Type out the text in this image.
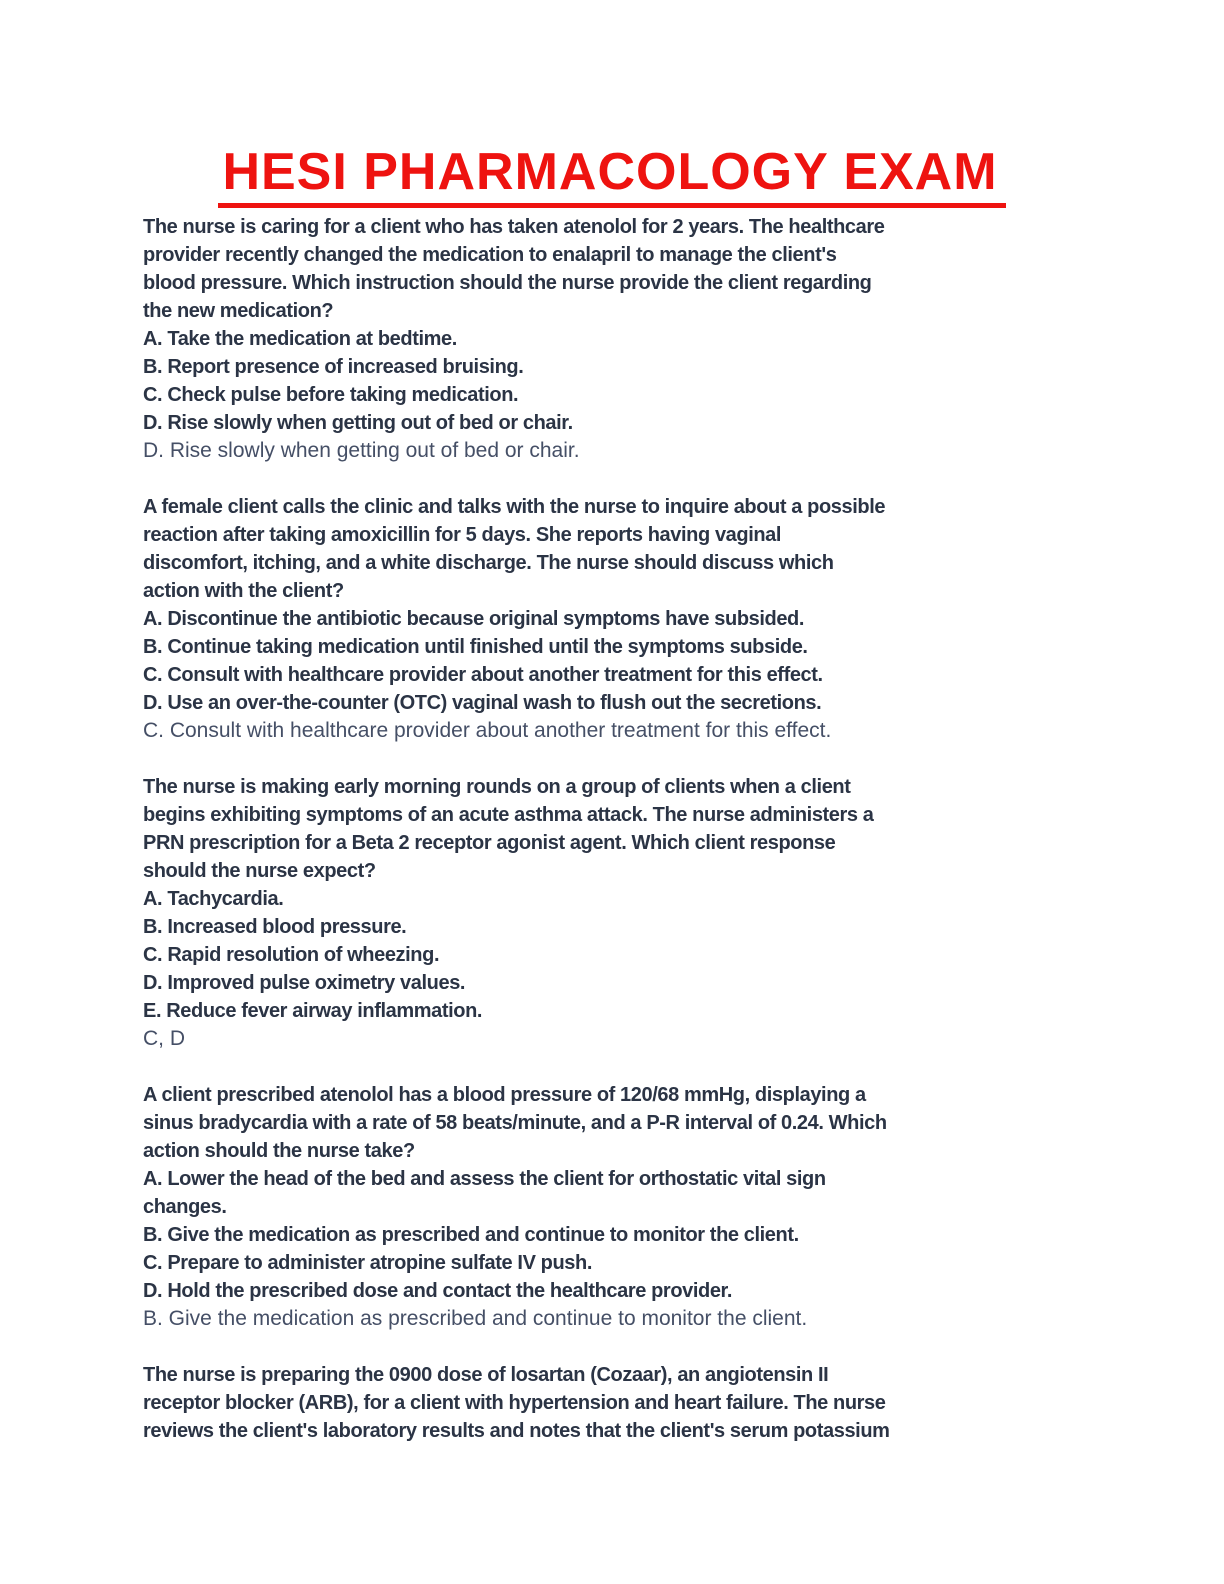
HESI PHARMACOLOGY EXAM
The nurse is caring for a client who has taken atenolol for 2 years. The healthcare
provider recently changed the medication to enalapril to manage the client's
blood pressure. Which instruction should the nurse provide the client regarding
the new medication?
A. Take the medication at bedtime.
B. Report presence of increased bruising.
C. Check pulse before taking medication.
D. Rise slowly when getting out of bed or chair.
D. Rise slowly when getting out of bed or chair.
A female client calls the clinic and talks with the nurse to inquire about a possible
reaction after taking amoxicillin for 5 days. She reports having vaginal
discomfort, itching, and a white discharge. The nurse should discuss which
action with the client?
A. Discontinue the antibiotic because original symptoms have subsided.
B. Continue taking medication until finished until the symptoms subside.
C. Consult with healthcare provider about another treatment for this effect.
D. Use an over-the-counter (OTC) vaginal wash to flush out the secretions.
C. Consult with healthcare provider about another treatment for this effect.
The nurse is making early morning rounds on a group of clients when a client
begins exhibiting symptoms of an acute asthma attack. The nurse administers a
PRN prescription for a Beta 2 receptor agonist agent. Which client response
should the nurse expect?
A. Tachycardia.
B. Increased blood pressure.
C. Rapid resolution of wheezing.
D. Improved pulse oximetry values.
E. Reduce fever airway inflammation.
C, D
A client prescribed atenolol has a blood pressure of 120/68 mmHg, displaying a
sinus bradycardia with a rate of 58 beats/minute, and a P-R interval of 0.24. Which
action should the nurse take?
A. Lower the head of the bed and assess the client for orthostatic vital sign
changes.
B. Give the medication as prescribed and continue to monitor the client.
C. Prepare to administer atropine sulfate IV push.
D. Hold the prescribed dose and contact the healthcare provider.
B. Give the medication as prescribed and continue to monitor the client.
The nurse is preparing the 0900 dose of losartan (Cozaar), an angiotensin II
receptor blocker (ARB), for a client with hypertension and heart failure. The nurse
reviews the client's laboratory results and notes that the client's serum potassium
